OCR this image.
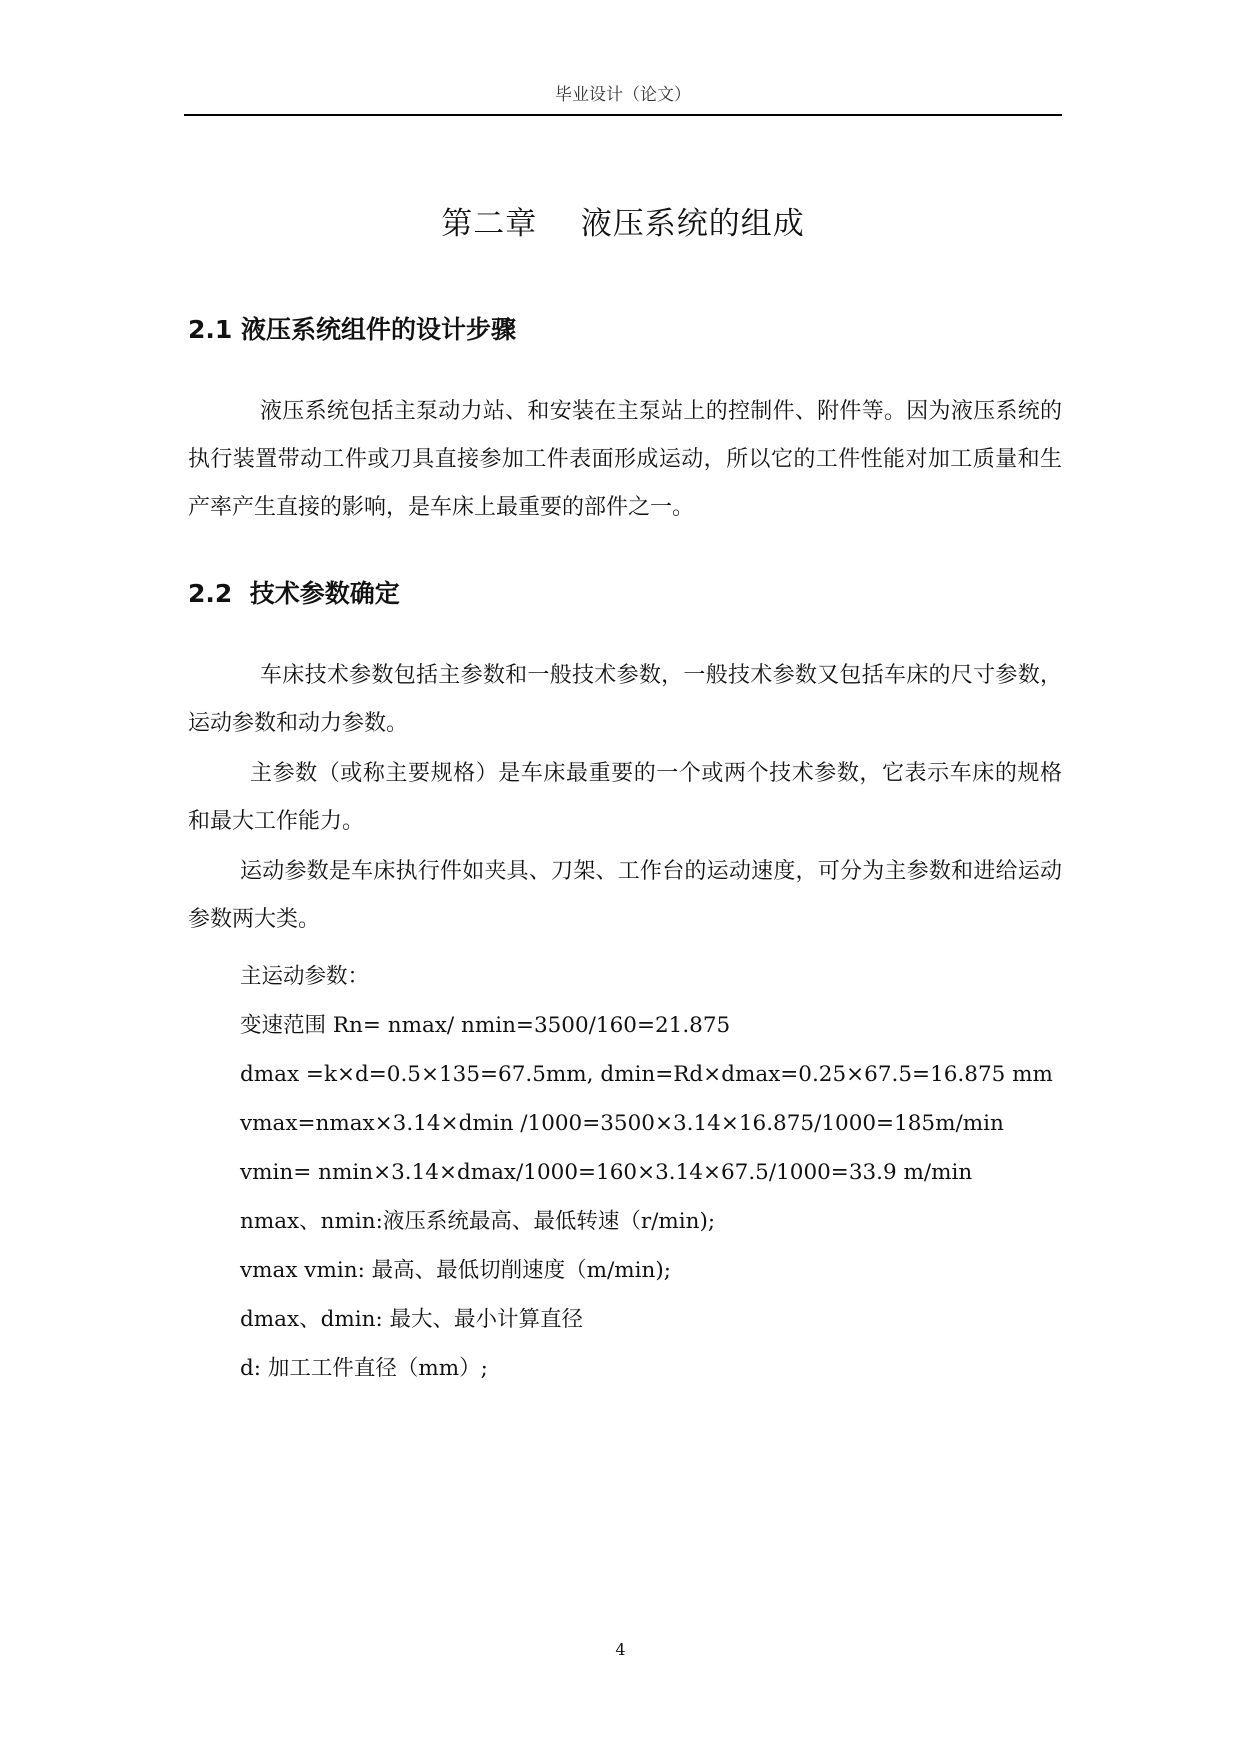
毕业设计（论文）
第二章    液压系统的组成
2.1 液压系统组件的设计步骤
液压系统包括主泵动力站、和安装在主泵站上的控制件、附件等。因为液压系统的执行装置带动工件或刀具直接参加工件表面形成运动，所以它的工件性能对加工质量和生产率产生直接的影响，是车床上最重要的部件之一。
2.2  技术参数确定
车床技术参数包括主参数和一般技术参数，一般技术参数又包括车床的尺寸参数，运动参数和动力参数。
主参数（或称主要规格）是车床最重要的一个或两个技术参数，它表示车床的规格和最大工作能力。
运动参数是车床执行件如夹具、刀架、工作台的运动速度，可分为主参数和进给运动参数两大类。
主运动参数：
变速范围 Rn= nmax/ nmin=3500/160=21.875
dmax =k×d=0.5×135=67.5mm, dmin=Rd×dmax=0.25×67.5=16.875 mm
vmax=nmax×3.14×dmin /1000=3500×3.14×16.875/1000=185m/min
vmin= nmin×3.14×dmax/1000=160×3.14×67.5/1000=33.9 m/min
nmax、nmin:液压系统最高、最低转速（r/min);
vmax vmin: 最高、最低切削速度（m/min);
dmax、dmin: 最大、最小计算直径
d: 加工工件直径（mm）;
4
